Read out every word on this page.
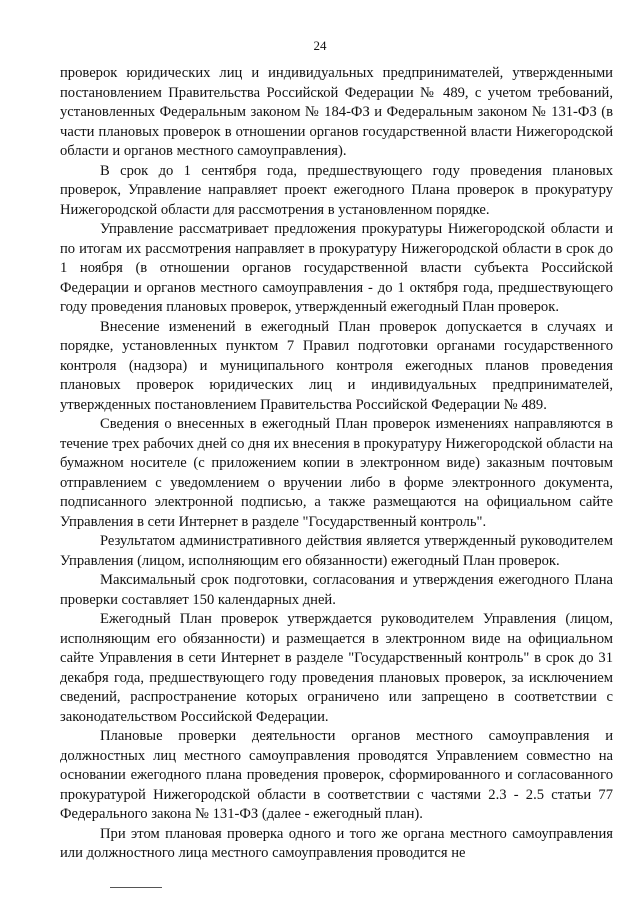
24

проверок юридических лиц и индивидуальных предпринимателей, утвержденными постановлением Правительства Российской Федерации № 489, с учетом требований, установленных Федеральным законом № 184-ФЗ и Федеральным законом № 131-ФЗ (в части плановых проверок в отношении органов государственной власти Нижегородской области и органов местного самоуправления).

В срок до 1 сентября года, предшествующего году проведения плановых проверок, Управление направляет проект ежегодного Плана проверок в прокуратуру Нижегородской области для рассмотрения в установленном порядке.

Управление рассматривает предложения прокуратуры Нижегородской области и по итогам их рассмотрения направляет в прокуратуру Нижегородской области в срок до 1 ноября (в отношении органов государственной власти субъекта Российской Федерации и органов местного самоуправления - до 1 октября года, предшествующего году проведения плановых проверок, утвержденный ежегодный План проверок.

Внесение изменений в ежегодный План проверок допускается в случаях и порядке, установленных пунктом 7 Правил подготовки органами государственного контроля (надзора) и муниципального контроля ежегодных планов проведения плановых проверок юридических лиц и индивидуальных предпринимателей, утвержденных постановлением Правительства Российской Федерации № 489.

Сведения о внесенных в ежегодный План проверок изменениях направляются в течение трех рабочих дней со дня их внесения в прокуратуру Нижегородской области на бумажном носителе (с приложением копии в электронном виде) заказным почтовым отправлением с уведомлением о вручении либо в форме электронного документа, подписанного электронной подписью, а также размещаются на официальном сайте Управления в сети Интернет в разделе "Государственный контроль".

Результатом административного действия является утвержденный руководителем Управления (лицом, исполняющим его обязанности) ежегодный План проверок.

Максимальный срок подготовки, согласования и утверждения ежегодного Плана проверки составляет 150 календарных дней.

Ежегодный План проверок утверждается руководителем Управления (лицом, исполняющим его обязанности) и размещается в электронном виде на официальном сайте Управления в сети Интернет в разделе "Государственный контроль" в срок до 31 декабря года, предшествующего году проведения плановых проверок, за исключением сведений, распространение которых ограничено или запрещено в соответствии с законодательством Российской Федерации.

Плановые проверки деятельности органов местного самоуправления и должностных лиц местного самоуправления проводятся Управлением совместно на основании ежегодного плана проведения проверок, сформированного и согласованного прокуратурой Нижегородской области в соответствии с частями 2.3 - 2.5 статьи 77 Федерального закона № 131-ФЗ (далее - ежегодный план).

При этом плановая проверка одного и того же органа местного самоуправления или должностного лица местного самоуправления проводится не
